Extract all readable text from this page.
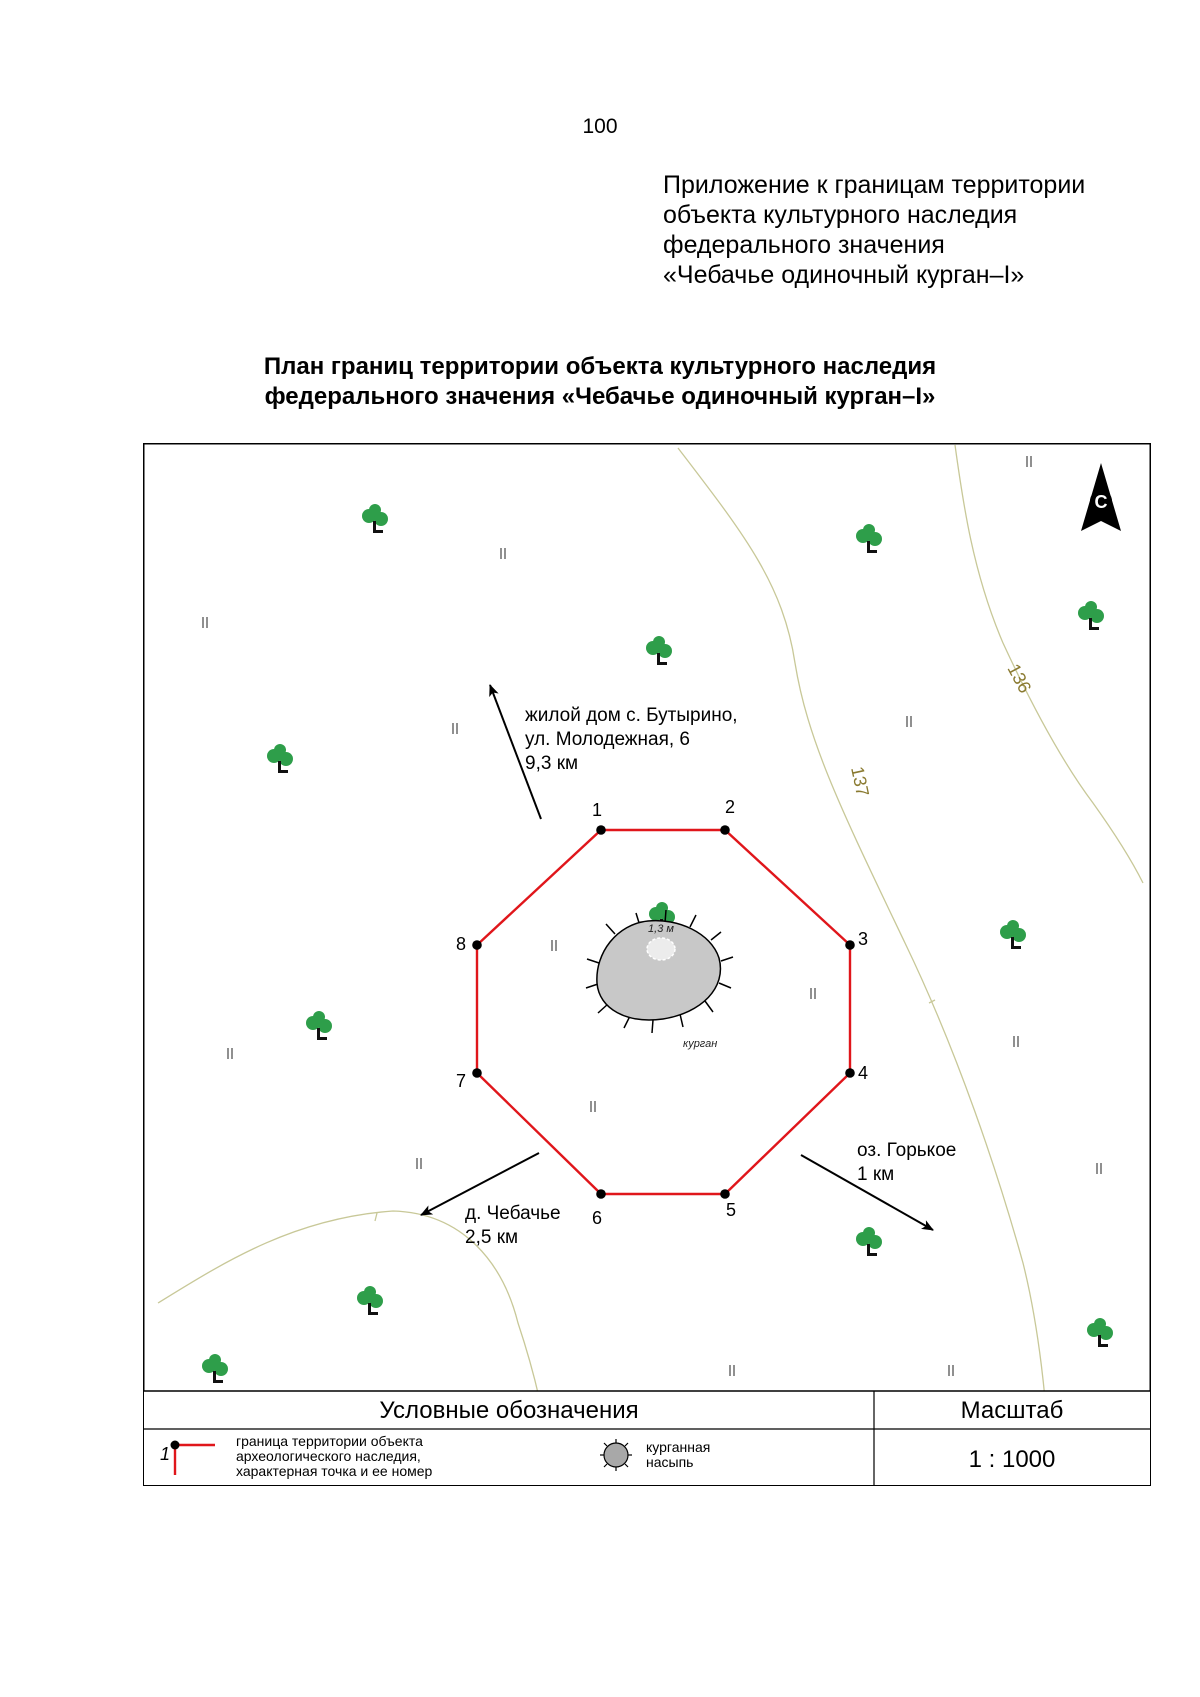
100
Приложение к границам территории
объекта культурного наследия
федерального значения
«Чебачье одиночный курган–I»
План границ территории объекта культурного наследия
федерального значения «Чебачье одиночный курган–I»
137
136
С
жилой дом с. Бутырино,
ул. Молодежная, 6
9,3 км
д. Чебачье
2,5 км
оз. Горькое
1 км
1,3 м
курган
1	2
3
4
5
6
7
8
Условные обозначения	Масштаб
1 : 1000
1
граница территории объекта
археологического наследия,
характерная точка и ее номер
курганная
насыпь
